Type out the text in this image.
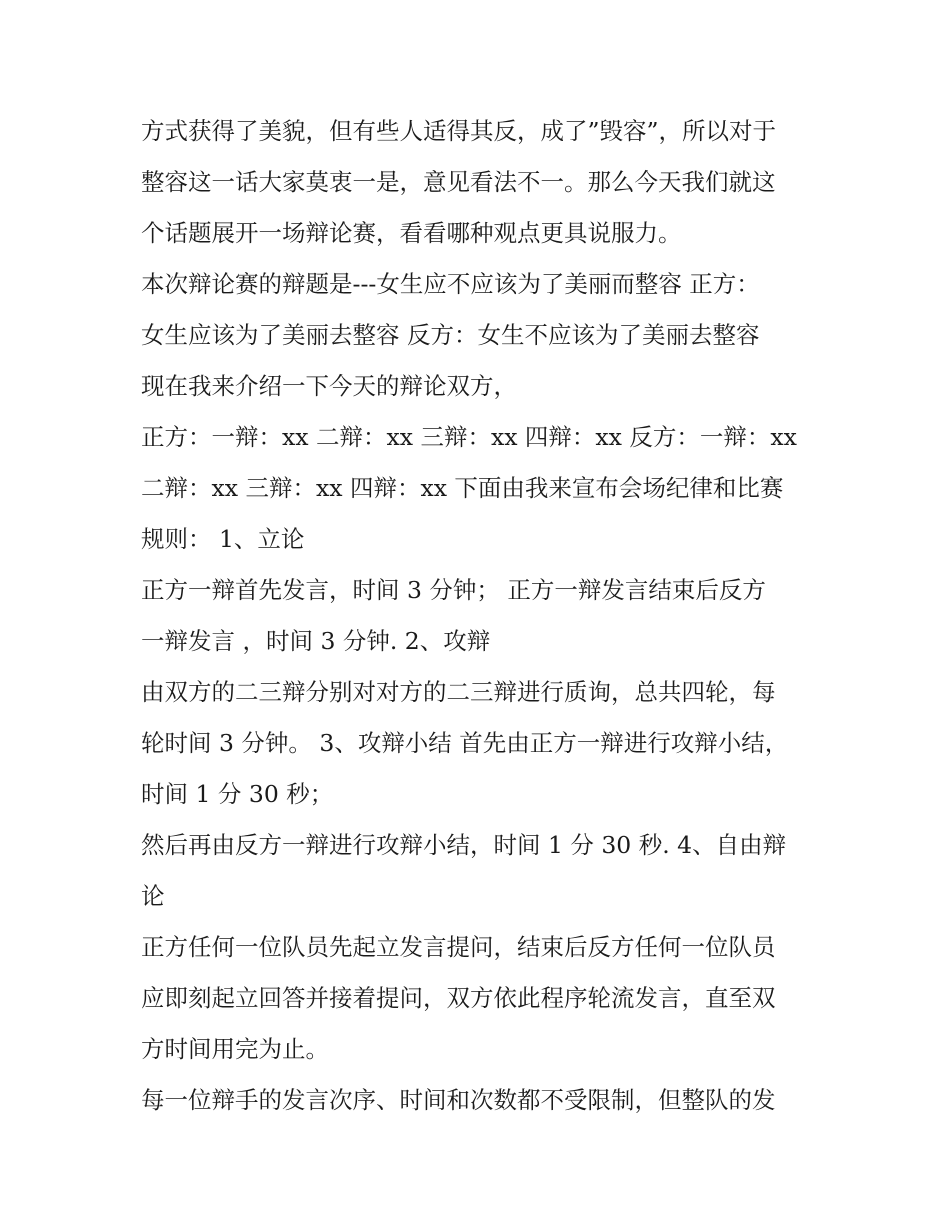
方式获得了美貌，但有些人适得其反，成了”毁容”，所以对于
整容这一话大家莫衷一是，意见看法不一。那么今天我们就这
个话题展开一场辩论赛，看看哪种观点更具说服力。
本次辩论赛的辩题是---女生应不应该为了美丽而整容 正方：
女生应该为了美丽去整容 反方：女生不应该为了美丽去整容
现在我来介绍一下今天的辩论双方，
正方：一辩：xx 二辩：xx 三辩：xx 四辩：xx 反方：一辩：xx
二辩：xx 三辩：xx 四辩：xx 下面由我来宣布会场纪律和比赛
规则： 1、立论
正方一辩首先发言，时间 3 分钟； 正方一辩发言结束后反方
一辩发言 ，时间 3 分钟. 2、攻辩
由双方的二三辩分别对对方的二三辩进行质询，总共四轮，每
轮时间 3 分钟。 3、攻辩小结 首先由正方一辩进行攻辩小结，
时间 1 分 30 秒；
然后再由反方一辩进行攻辩小结，时间 1 分 30 秒. 4、自由辩
论
正方任何一位队员先起立发言提问，结束后反方任何一位队员
应即刻起立回答并接着提问，双方依此程序轮流发言，直至双
方时间用完为止。
每一位辩手的发言次序、时间和次数都不受限制，但整队的发
